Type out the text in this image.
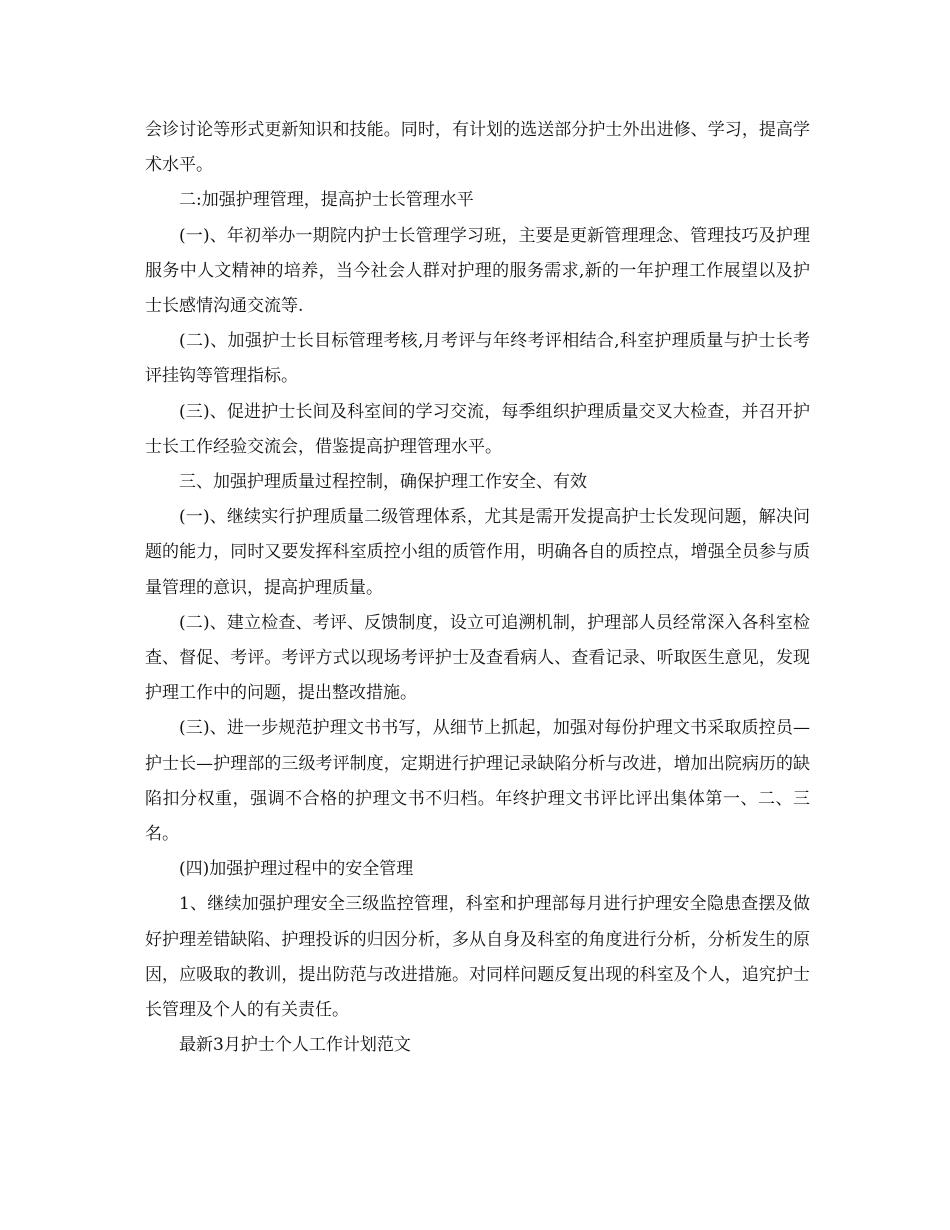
会诊讨论等形式更新知识和技能。同时，有计划的选送部分护士外出进修、学习，提高学术水平。

二:加强护理管理，提高护士长管理水平

(一)、年初举办一期院内护士长管理学习班，主要是更新管理理念、管理技巧及护理服务中人文精神的培养，当今社会人群对护理的服务需求,新的一年护理工作展望以及护士长感情沟通交流等.

(二)、加强护士长目标管理考核,月考评与年终考评相结合,科室护理质量与护士长考评挂钩等管理指标。

(三)、促进护士长间及科室间的学习交流，每季组织护理质量交叉大检查，并召开护士长工作经验交流会，借鉴提高护理管理水平。

三、加强护理质量过程控制，确保护理工作安全、有效

(一)、继续实行护理质量二级管理体系，尤其是需开发提高护士长发现问题，解决问题的能力，同时又要发挥科室质控小组的质管作用，明确各自的质控点，增强全员参与质量管理的意识，提高护理质量。

(二)、建立检查、考评、反馈制度，设立可追溯机制，护理部人员经常深入各科室检查、督促、考评。考评方式以现场考评护士及查看病人、查看记录、听取医生意见，发现护理工作中的问题，提出整改措施。

(三)、进一步规范护理文书书写，从细节上抓起，加强对每份护理文书采取质控员—护士长—护理部的三级考评制度，定期进行护理记录缺陷分析与改进，增加出院病历的缺陷扣分权重，强调不合格的护理文书不归档。年终护理文书评比评出集体第一、二、三名。

(四)加强护理过程中的安全管理

1、继续加强护理安全三级监控管理，科室和护理部每月进行护理安全隐患查摆及做好护理差错缺陷、护理投诉的归因分析，多从自身及科室的角度进行分析，分析发生的原因，应吸取的教训，提出防范与改进措施。对同样问题反复出现的科室及个人，追究护士长管理及个人的有关责任。

最新3月护士个人工作计划范文
